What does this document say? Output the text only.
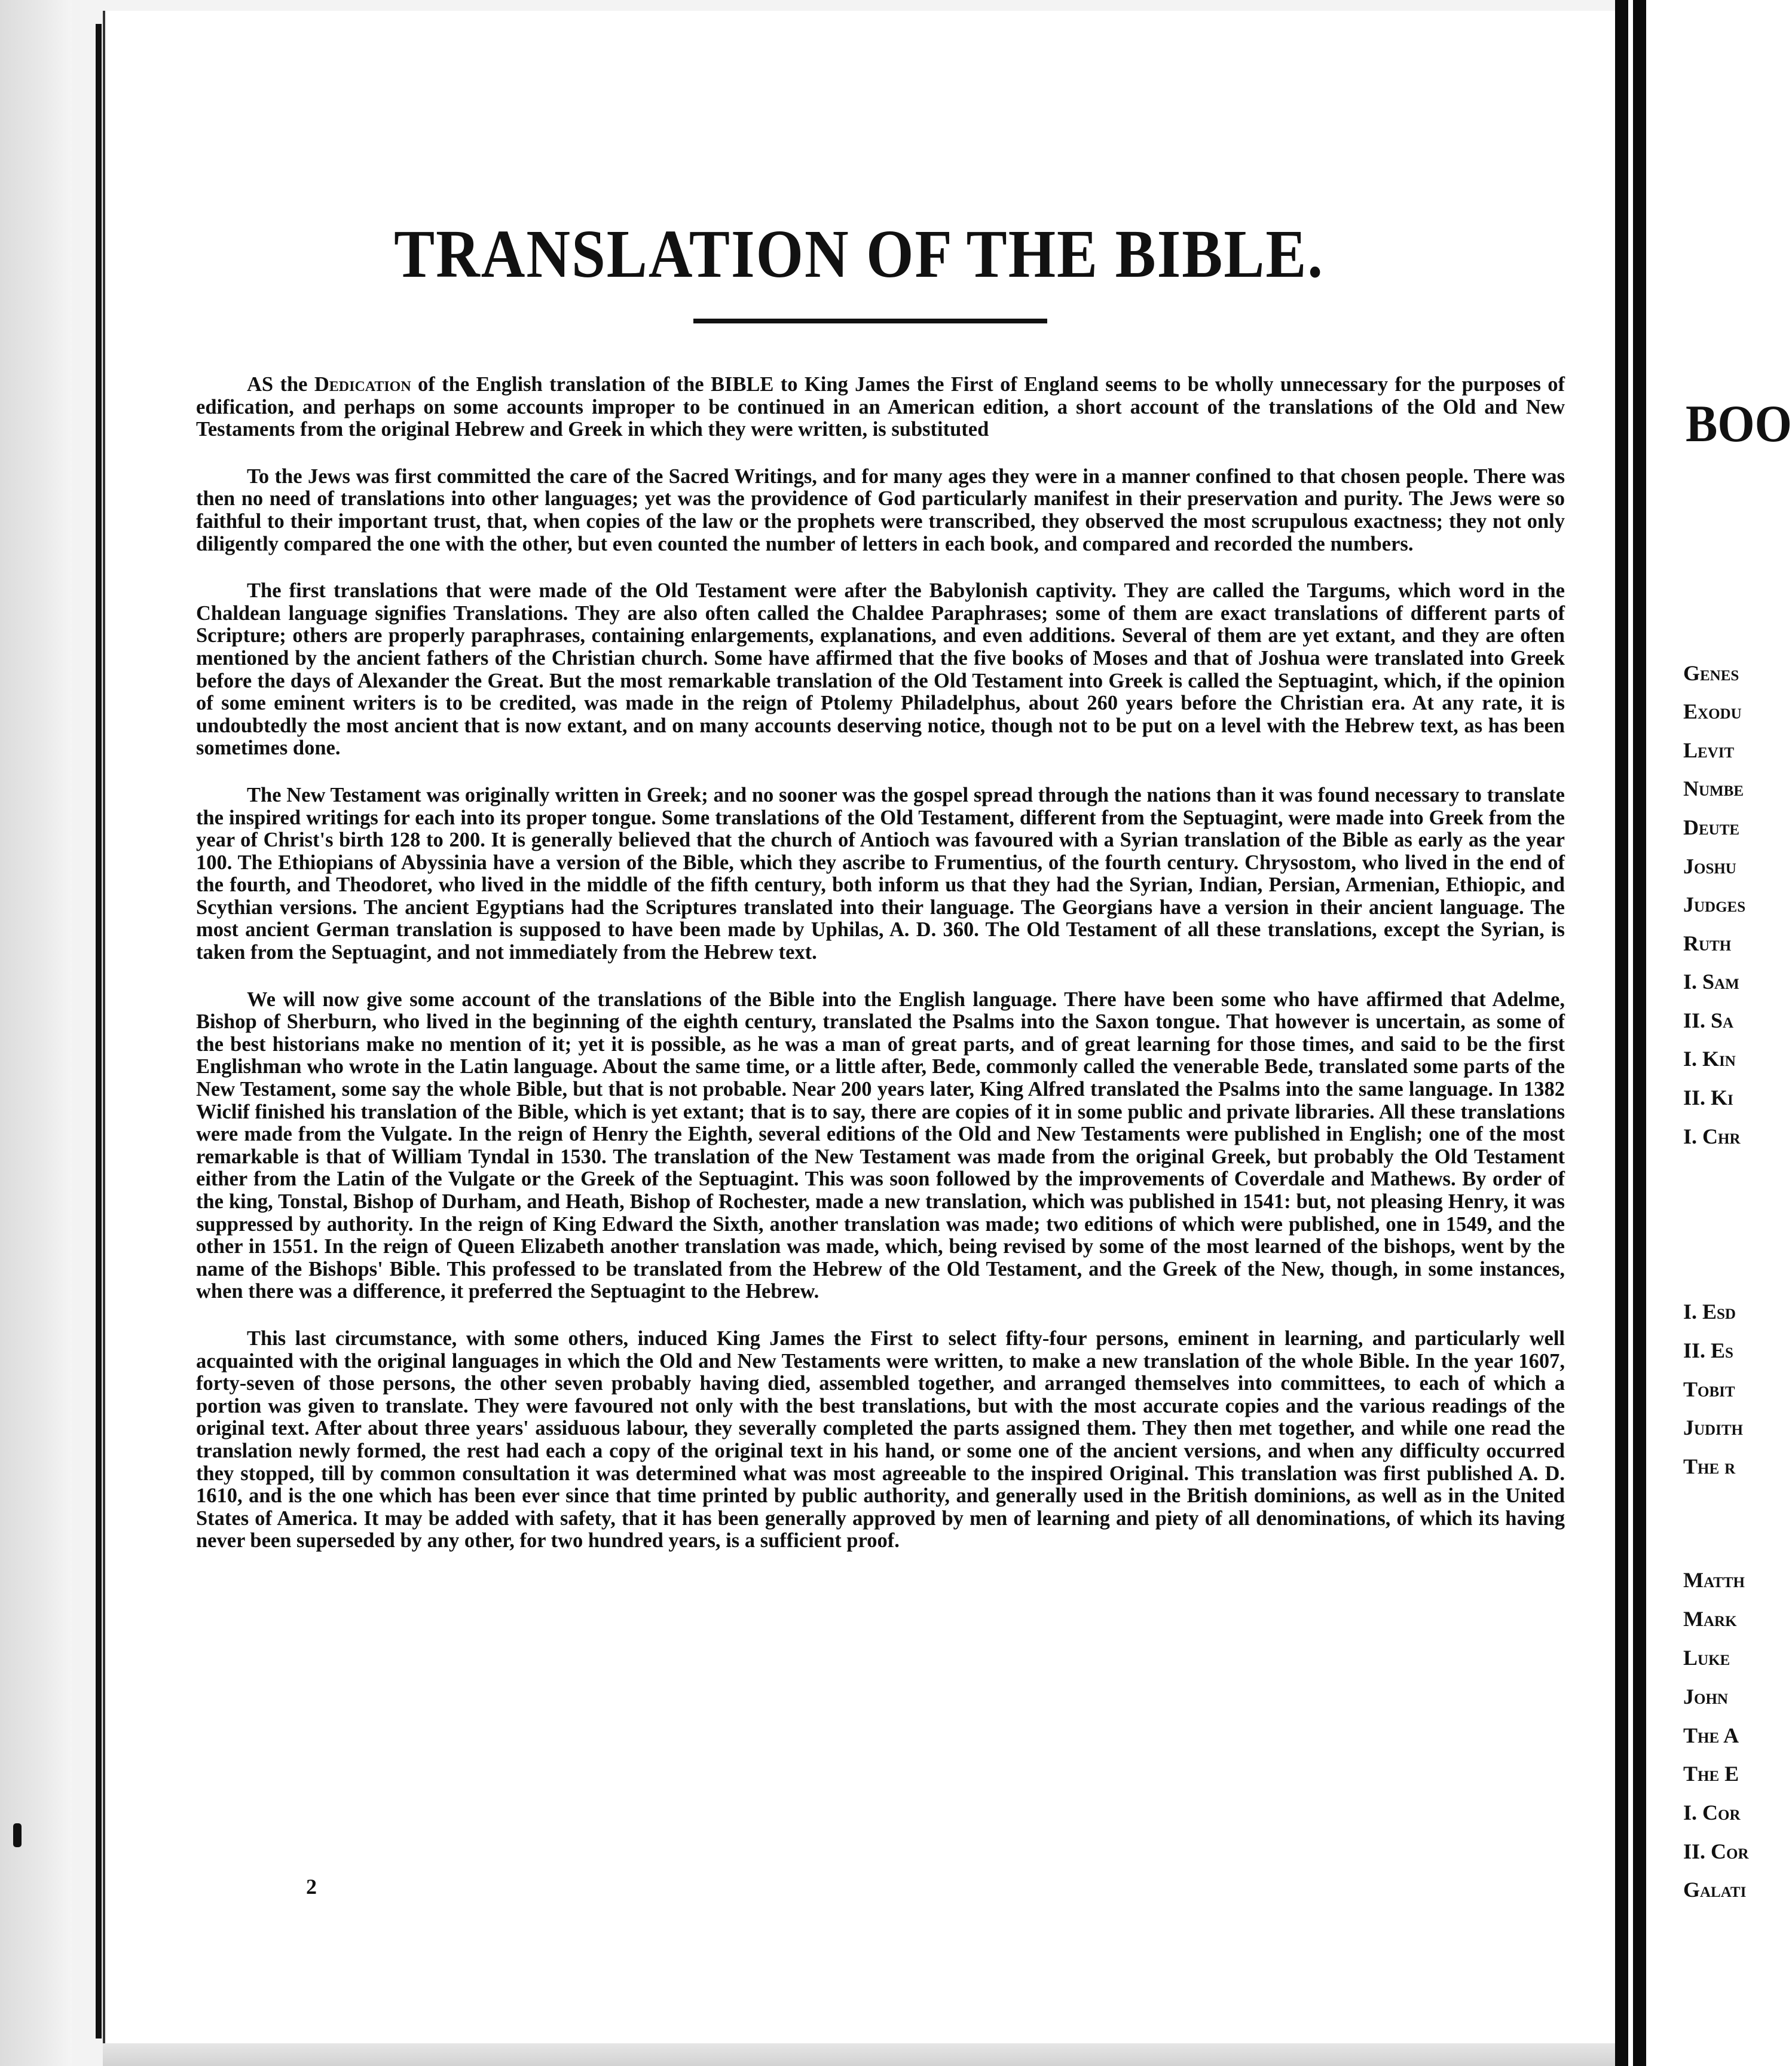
TRANSLATION OF THE BIBLE.

AS the Dedication of the English translation of the BIBLE to King James the First of England seems to be wholly unnecessary for the purposes of edification, and perhaps on some accounts improper to be continued in an American edition, a short account of the translations of the Old and New Testaments from the original Hebrew and Greek in which they were written, is substituted

To the Jews was first committed the care of the Sacred Writings, and for many ages they were in a manner confined to that chosen people. There was then no need of translations into other languages; yet was the providence of God particularly manifest in their preservation and purity. The Jews were so faithful to their important trust, that, when copies of the law or the prophets were transcribed, they observed the most scrupulous exactness; they not only diligently compared the one with the other, but even counted the number of letters in each book, and compared and recorded the numbers.

The first translations that were made of the Old Testament were after the Babylonish captivity. They are called the Targums, which word in the Chaldean language signifies Translations. They are also often called the Chaldee Paraphrases; some of them are exact translations of different parts of Scripture; others are properly paraphrases, containing enlargements, explanations, and even additions. Several of them are yet extant, and they are often mentioned by the ancient fathers of the Christian church. Some have affirmed that the five books of Moses and that of Joshua were translated into Greek before the days of Alexander the Great. But the most remarkable translation of the Old Testament into Greek is called the Septuagint, which, if the opinion of some eminent writers is to be credited, was made in the reign of Ptolemy Philadelphus, about 260 years before the Christian era. At any rate, it is undoubtedly the most ancient that is now extant, and on many accounts deserving notice, though not to be put on a level with the Hebrew text, as has been sometimes done.

The New Testament was originally written in Greek; and no sooner was the gospel spread through the nations than it was found necessary to translate the inspired writings for each into its proper tongue. Some translations of the Old Testament, different from the Septuagint, were made into Greek from the year of Christ's birth 128 to 200. It is generally believed that the church of Antioch was favoured with a Syrian translation of the Bible as early as the year 100. The Ethiopians of Abyssinia have a version of the Bible, which they ascribe to Frumentius, of the fourth century. Chrysostom, who lived in the end of the fourth, and Theodoret, who lived in the middle of the fifth century, both inform us that they had the Syrian, Indian, Persian, Armenian, Ethiopic, and Scythian versions. The ancient Egyptians had the Scriptures translated into their language. The Georgians have a version in their ancient language. The most ancient German translation is supposed to have been made by Uphilas, A. D. 360. The Old Testament of all these translations, except the Syrian, is taken from the Septuagint, and not immediately from the Hebrew text.

We will now give some account of the translations of the Bible into the English language. There have been some who have affirmed that Adelme, Bishop of Sherburn, who lived in the beginning of the eighth century, translated the Psalms into the Saxon tongue. That however is uncertain, as some of the best historians make no mention of it; yet it is possible, as he was a man of great parts, and of great learning for those times, and said to be the first Englishman who wrote in the Latin language. About the same time, or a little after, Bede, commonly called the venerable Bede, translated some parts of the New Testament, some say the whole Bible, but that is not probable. Near 200 years later, King Alfred translated the Psalms into the same language. In 1382 Wiclif finished his translation of the Bible, which is yet extant; that is to say, there are copies of it in some public and private libraries. All these translations were made from the Vulgate. In the reign of Henry the Eighth, several editions of the Old and New Testaments were published in English; one of the most remarkable is that of William Tyndal in 1530. The translation of the New Testament was made from the original Greek, but probably the Old Testament either from the Latin of the Vulgate or the Greek of the Septuagint. This was soon followed by the improvements of Coverdale and Mathews. By order of the king, Tonstal, Bishop of Durham, and Heath, Bishop of Rochester, made a new translation, which was published in 1541: but, not pleasing Henry, it was suppressed by authority. In the reign of King Edward the Sixth, another translation was made; two editions of which were published, one in 1549, and the other in 1551. In the reign of Queen Elizabeth another translation was made, which, being revised by some of the most learned of the bishops, went by the name of the Bishops' Bible. This professed to be translated from the Hebrew of the Old Testament, and the Greek of the New, though, in some instances, when there was a difference, it preferred the Septuagint to the Hebrew.

This last circumstance, with some others, induced King James the First to select fifty-four persons, eminent in learning, and particularly well acquainted with the original languages in which the Old and New Testaments were written, to make a new translation of the whole Bible. In the year 1607, forty-seven of those persons, the other seven probably having died, assembled together, and arranged themselves into committees, to each of which a portion was given to translate. They were favoured not only with the best translations, but with the most accurate copies and the various readings of the original text. After about three years' assiduous labour, they severally completed the parts assigned them. They then met together, and while one read the translation newly formed, the rest had each a copy of the original text in his hand, or some one of the ancient versions, and when any difficulty occurred they stopped, till by common consultation it was determined what was most agreeable to the inspired Original. This translation was first published A. D. 1610, and is the one which has been ever since that time printed by public authority, and generally used in the British dominions, as well as in the United States of America. It may be added with safety, that it has been generally approved by men of learning and piety of all denominations, of which its having never been superseded by any other, for two hundred years, is a sufficient proof.

2
BOO
Genes
Exodu
Levit
Numbe
Deute
Joshu
Judges
Ruth
I. Sam
II. Sa
I. Kin
II. Ki
I. Chr
I. Esd
II. Es
Tobit
Judith
The r
Matth
Mark
Luke
John
The A
The E
I. Cor
II. Cor
Galati
